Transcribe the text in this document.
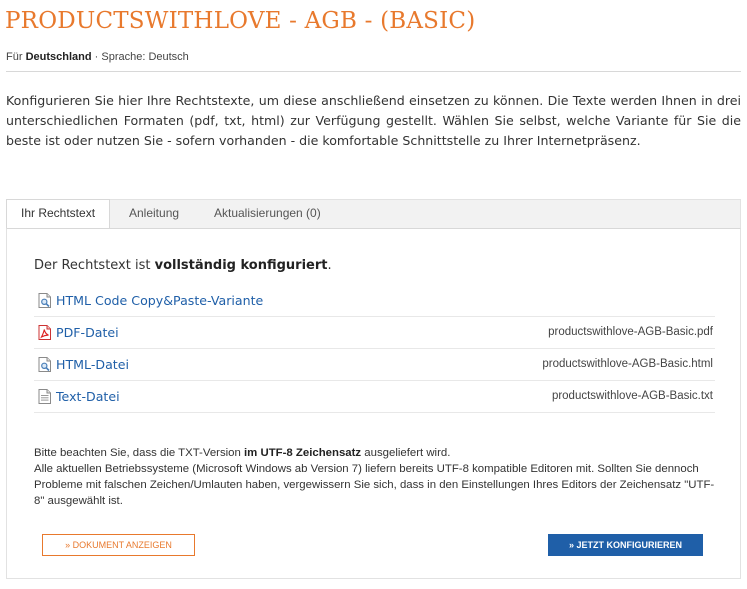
PRODUCTSWITHLOVE - AGB - (BASIC)
Für Deutschland · Sprache: Deutsch

Konfigurieren Sie hier Ihre Rechtstexte, um diese anschließend einsetzen zu können. Die Texte werden Ihnen in drei unterschiedlichen Formaten (pdf, txt, html) zur Verfügung gestellt. Wählen Sie selbst, welche Variante für Sie die beste ist oder nutzen Sie - sofern vorhanden - die komfortable Schnittstelle zu Ihrer Internetpräsenz.

Ihr Rechtstext	Anleitung	Aktualisierungen (0)
Der Rechtstext ist vollständig konfiguriert.
HTML Code Copy&Paste-Variante
PDF-Datei	productswithlove-AGB-Basic.pdf
HTML-Datei	productswithlove-AGB-Basic.html
Text-Datei	productswithlove-AGB-Basic.txt
Bitte beachten Sie, dass die TXT-Version im UTF-8 Zeichensatz ausgeliefert wird.
Alle aktuellen Betriebssysteme (Microsoft Windows ab Version 7) liefern bereits UTF-8 kompatible Editoren mit. Sollten Sie dennoch Probleme mit falschen Zeichen/Umlauten haben, vergewissern Sie sich, dass in den Einstellungen Ihres Editors der Zeichensatz "UTF-8" ausgewählt ist.
» DOKUMENT ANZEIGEN	» JETZT KONFIGURIEREN
